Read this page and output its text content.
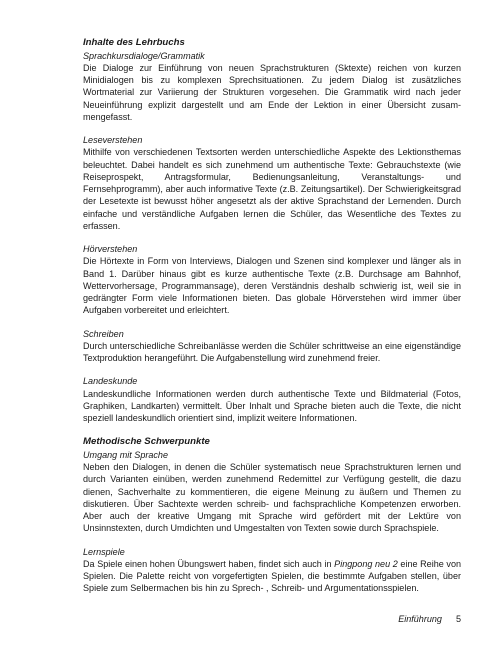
Inhalte des Lehrbuchs
Sprachkursdialoge/Grammatik

Die Dialoge zur Einführung von neuen Sprachstrukturen (Sktexte) reichen von kurzen Minidialogen bis zu komplexen Sprechsituationen. Zu jedem Dialog ist zusätzliches Wortmaterial zur Variierung der Strukturen vorgesehen. Die Grammatik wird nach jeder Neueinführung explizit dargestellt und am Ende der Lektion in einer Übersicht zusammengefasst.

Leseverstehen

Mithilfe von verschiedenen Textsorten werden unterschiedliche Aspekte des Lektionsthemas beleuchtet. Dabei handelt es sich zunehmend um authentische Texte: Gebrauchstexte (wie Reiseprospekt, Antragsformular, Bedienungsanleitung, Veranstaltungs- und Fernsehprogramm), aber auch informative Texte (z.B. Zeitungsartikel). Der Schwierigkeitsgrad der Lesetexte ist bewusst höher angesetzt als der aktive Sprachstand der Lernenden. Durch einfache und verständliche Aufgaben lernen die Schüler, das Wesentliche des Textes zu erfassen.

Hörverstehen

Die Hörtexte in Form von Interviews, Dialogen und Szenen sind komplexer und länger als in Band 1. Darüber hinaus gibt es kurze authentische Texte (z.B. Durchsage am Bahnhof, Wettervorhersage, Programmansage), deren Verständnis deshalb schwierig ist, weil sie in gedrängter Form viele Informationen bieten. Das globale Hörverstehen wird immer über Aufgaben vorbereitet und erleichtert.

Schreiben

Durch unterschiedliche Schreibanlässe werden die Schüler schrittweise an eine eigenständige Textproduktion herangeführt. Die Aufgabenstellung wird zunehmend freier.

Landeskunde

Landeskundliche Informationen werden durch authentische Texte und Bildmaterial (Fotos, Graphiken, Landkarten) vermittelt. Über Inhalt und Sprache bieten auch die Texte, die nicht speziell landeskundlich orientiert sind, implizit weitere Informationen.

Methodische Schwerpunkte
Umgang mit Sprache

Neben den Dialogen, in denen die Schüler systematisch neue Sprachstrukturen lernen und durch Varianten einüben, werden zunehmend Redemittel zur Verfügung gestellt, die dazu dienen, Sachverhalte zu kommentieren, die eigene Meinung zu äußern und Themen zu diskutieren. Über Sachtexte werden schreib- und fachsprachliche Kompetenzen erworben. Aber auch der kreative Umgang mit Sprache wird gefördert mit der Lektüre von Unsinnstexten, durch Umdichten und Umgestalten von Texten sowie durch Sprachspiele.

Lernspiele

Da Spiele einen hohen Übungswert haben, findet sich auch in Pingpong neu 2 eine Reihe von Spielen. Die Palette reicht von vorgefertigten Spielen, die bestimmte Aufgaben stellen, über Spiele zum Selbermachen bis hin zu Sprech- , Schreib- und Argumentationsspielen.

Einführung 5
